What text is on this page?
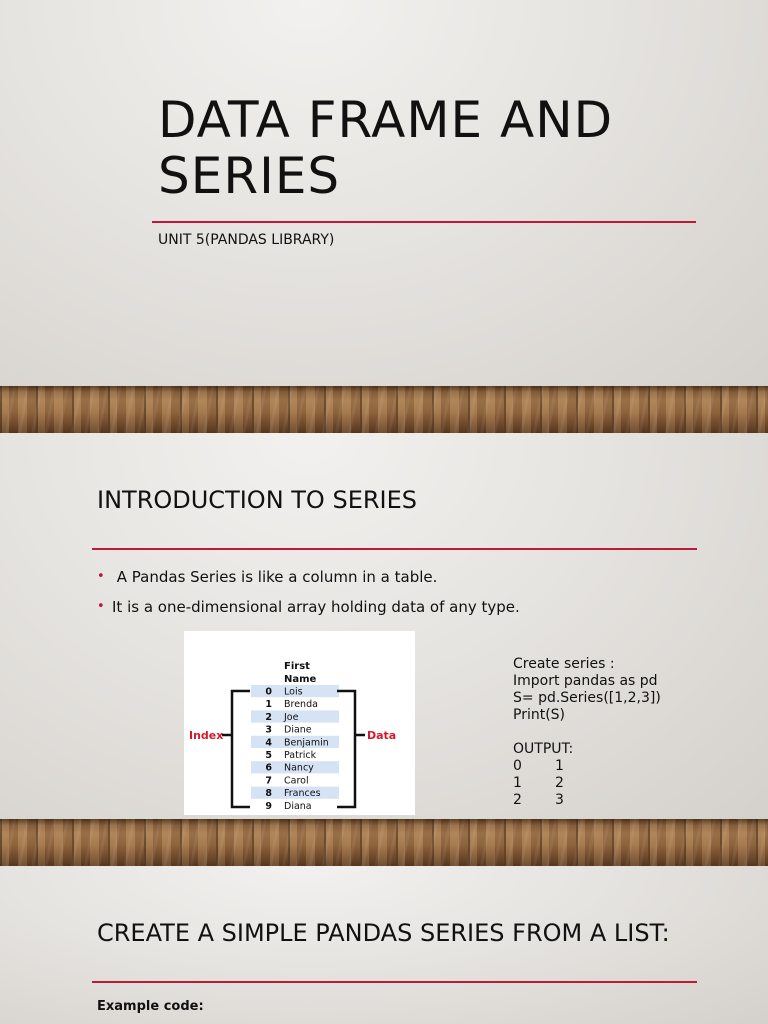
DATA FRAME AND SERIES
UNIT 5(PANDAS LIBRARY)
INTRODUCTION TO SERIES
• A Pandas Series is like a column in a table.
• It is a one-dimensional array holding data of any type.
First
Name
0 Lois
1 Brenda
2 Joe
3 Diane
4 Benjamin
5 Patrick
6 Nancy
7 Carol
8 Frances
9 Diana
Index	Data
Create series :
Import pandas as pd
S= pd.Series([1,2,3])
Print(S)
OUTPUT:
0	1
1	2
2	3
CREATE A SIMPLE PANDAS SERIES FROM A LIST:
Example code:
